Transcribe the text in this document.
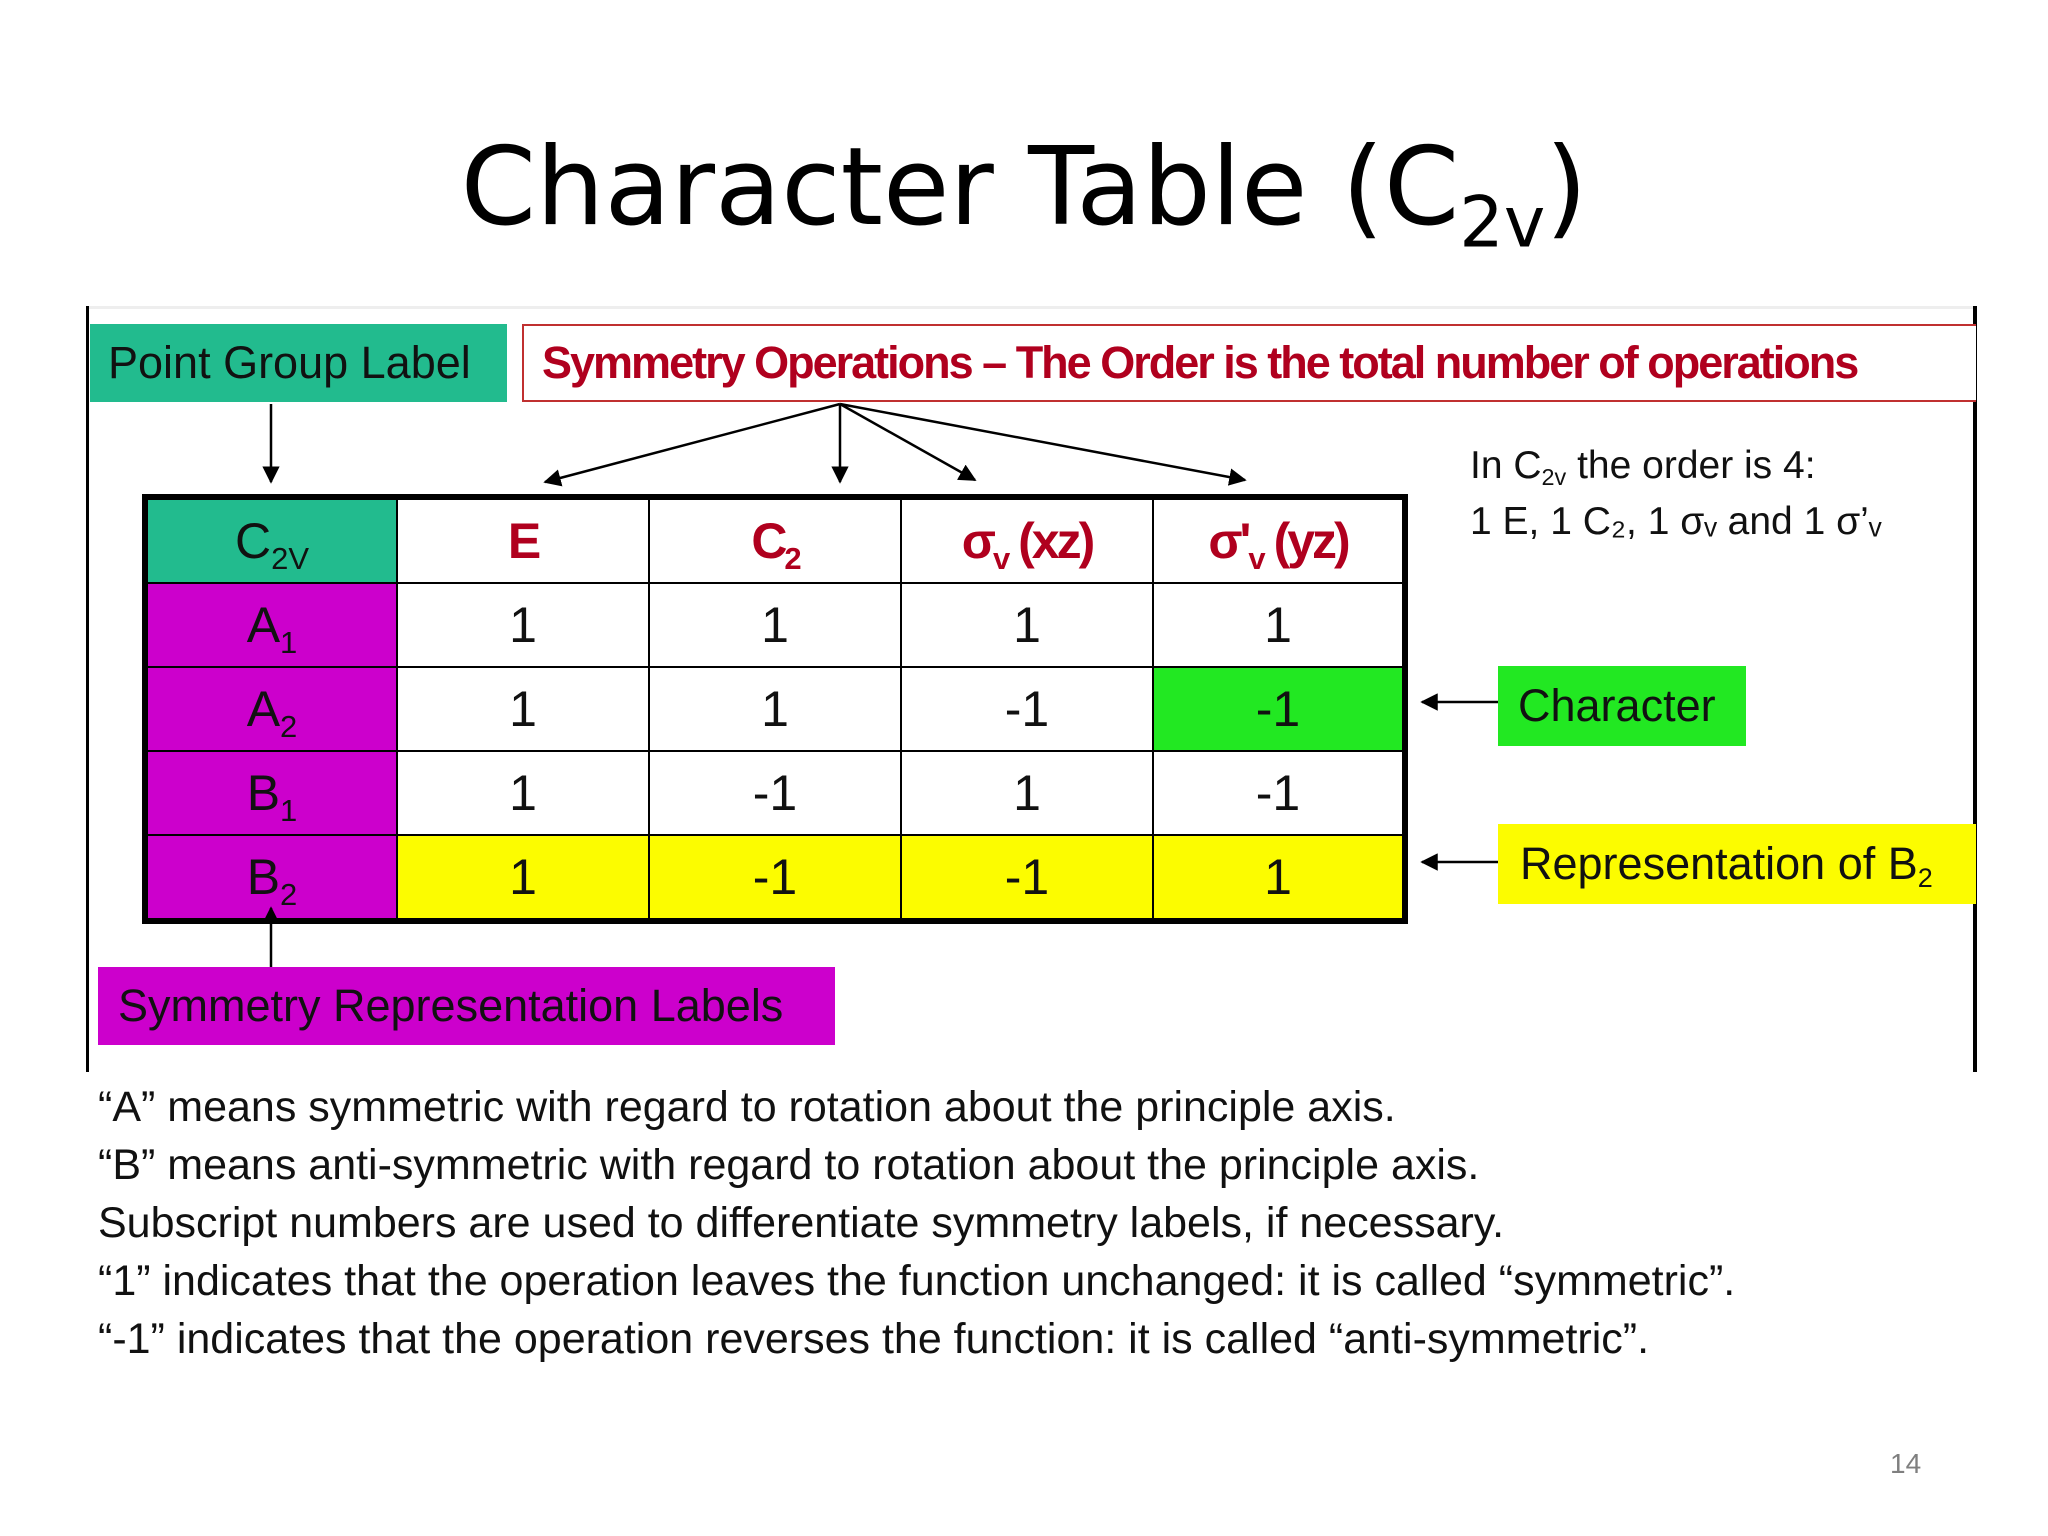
Character Table $(C_{2v})$
Point Group Label	Symmetry Operations – The Order is the total number of operations
In $C_{2v}$ the order is 4:
1 E, 1 C₂, 1 σᵥ and 1 σ’ᵥ
Character
Representation of $B_2$
Symmetry Representation Labels
$C_{2V}$	E	$C_2$	$\sigma_v$ (xz)	$\sigma'_v$ (yz)
$A_1$	1	1	1	1
$A_2$	1	1	-1	-1
$B_1$	1	-1	1	-1
$B_2$	1	-1	-1	1
“A” means symmetric with regard to rotation about the principle axis.
“B” means anti-symmetric with regard to rotation about the principle axis.
Subscript numbers are used to differentiate symmetry labels, if necessary.
“1” indicates that the operation leaves the function unchanged: it is called “symmetric”.
“-1” indicates that the operation reverses the function: it is called “anti-symmetric”.
14
